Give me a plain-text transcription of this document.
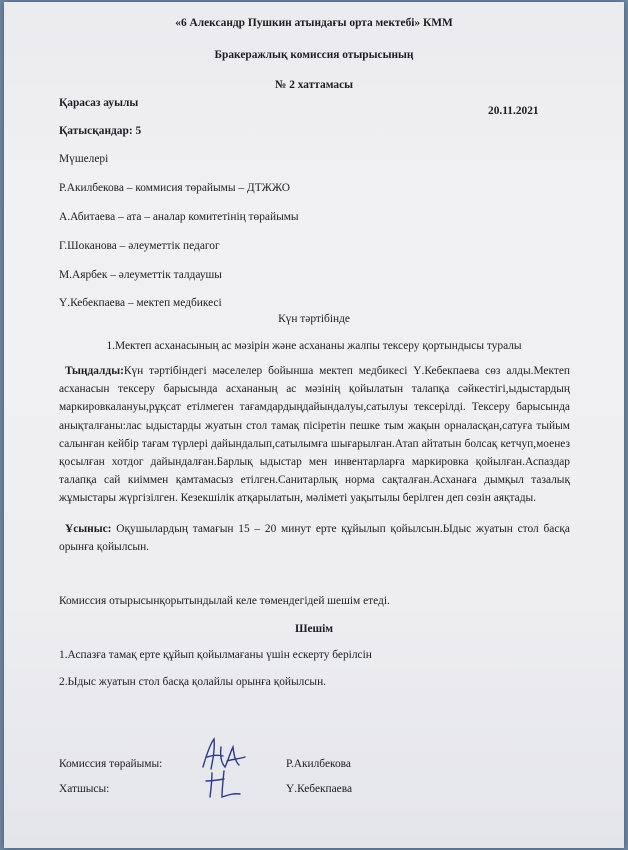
«6 Александр Пушкин атындағы орта мектебі» КММ
Бракеражлық комиссия отырысының
№ 2 хаттамасы
Қарасаз ауылы
20.11.2021
Қатысқандар: 5
Мүшелері
Р.Акилбекова – коммисия төрайымы – ДТЖЖО
А.Абитаева – ата – аналар комитетінің төрайымы
Г.Шоканова – әлеуметтік педагог
М.Аярбек – әлеуметтік талдаушы
Ү.Кебекпаева – мектеп медбикесі
Күн тәртібінде
1.Мектеп асханасының ас мәзірін және асхананы жалпы тексеру қортындысы туралы
Тыңдалды:Күн тәртібіндегі мәселелер бойынша мектеп медбикесі Ү.Кебекпаева сөз алды.Мектеп асханасын тексеру барысында асхананың ас мәзінің қойылатын талапқа сәйкестігі,ыдыстардың маркировкалануы,рұқсат етілмеген тағамдардыңдайындалуы,сатылуы тексерілді. Тексеру барысында анықталғаны:лас ыдыстарды жуатын стол тамақ пісіретін пешке тым жақын орналасқан,сатуға тыйым салынған кейбір тағам түрлері дайындалып,сатылымға шығарылған.Атап айтатын болсақ кетчуп,моенез қосылған хотдог дайындалған.Барлық ыдыстар мен инвентарларға маркировка қойылған.Аспаздар талапқа сай киіммен қамтамасыз етілген.Санитарлық норма сақталған.Асханаға дымқыл тазалық жұмыстары жүргізілген. Кезекшілік атқарылатын, мәліметі уақытылы берілген деп сөзін аяқтады.
Ұсыныс: Оқушылардың тамағын 15 – 20 минут ерте құйылып қойылсын.Ыдыс жуатын стол басқа орынға қойылсын.
Комиссия отырысынқорытындылай келе төмендегідей шешім етеді.
Шешім
1.Аспазға тамақ ерте құйып қойылмағаны үшін ескерту берілсін
2.Ыдыс жуатын стол басқа қолайлы орынға қойылсын.
Комиссия төрайымы:	Р.Акилбекова
Хатшысы:	Ү.Кебекпаева
